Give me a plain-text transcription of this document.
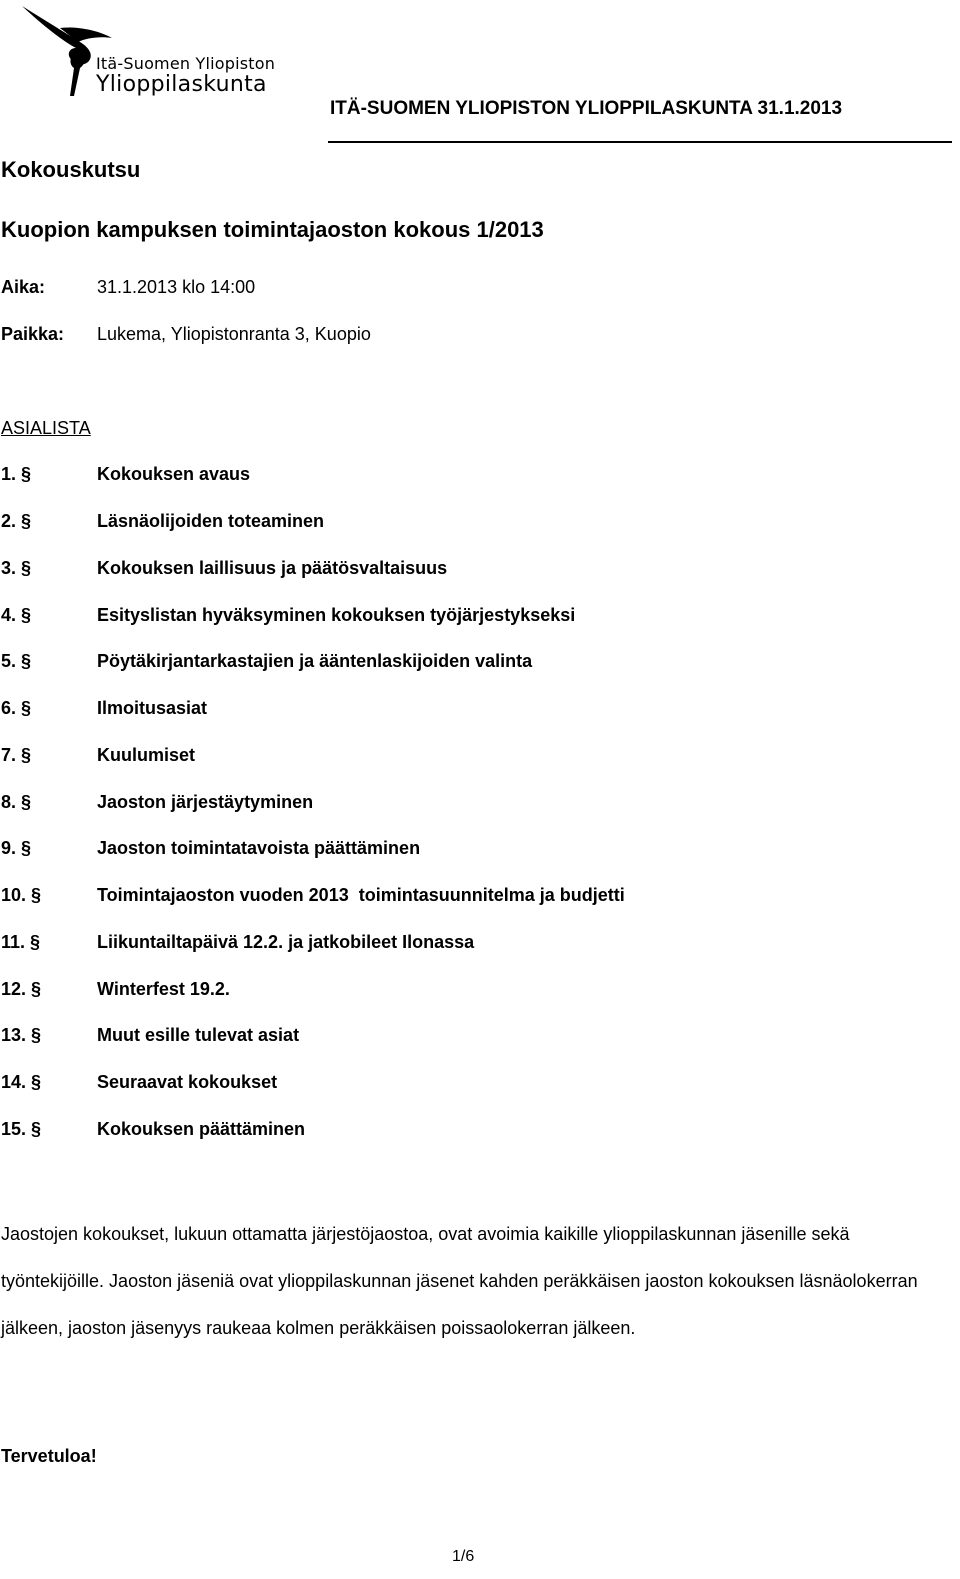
Itä-Suomen Yliopiston
Ylioppilaskunta
ITÄ-SUOMEN YLIOPISTON YLIOPPILASKUNTA 31.1.2013
Kokouskutsu
Kuopion kampuksen toimintajaoston kokous 1/2013
Aika:	31.1.2013 klo 14:00
Paikka: Lukema, Yliopistonranta 3, Kuopio
ASIALISTA
1. §	Kokouksen avaus
2. §	Läsnäolijoiden toteaminen
3. §	Kokouksen laillisuus ja päätösvaltaisuus
4. §	Esityslistan hyväksyminen kokouksen työjärjestykseksi
5. §	Pöytäkirjantarkastajien ja ääntenlaskijoiden valinta
6. §	Ilmoitusasiat
7. §	Kuulumiset
8. §	Jaoston järjestäytyminen
9. §	Jaoston toimintatavoista päättäminen
10. §	Toimintajaoston vuoden 2013  toimintasuunnitelma ja budjetti
11. §	Liikuntailtapäivä 12.2. ja jatkobileet Ilonassa
12. §	Winterfest 19.2.
13. §	Muut esille tulevat asiat
14. §	Seuraavat kokoukset
15. §	Kokouksen päättäminen
Jaostojen kokoukset, lukuun ottamatta järjestöjaostoa, ovat avoimia kaikille ylioppilaskunnan jäsenille sekä työntekijöille. Jaoston jäseniä ovat ylioppilaskunnan jäsenet kahden peräkkäisen jaoston kokouksen läsnäolokerran jälkeen, jaoston jäsenyys raukeaa kolmen peräkkäisen poissaolokerran jälkeen.
Tervetuloa!
1/6
